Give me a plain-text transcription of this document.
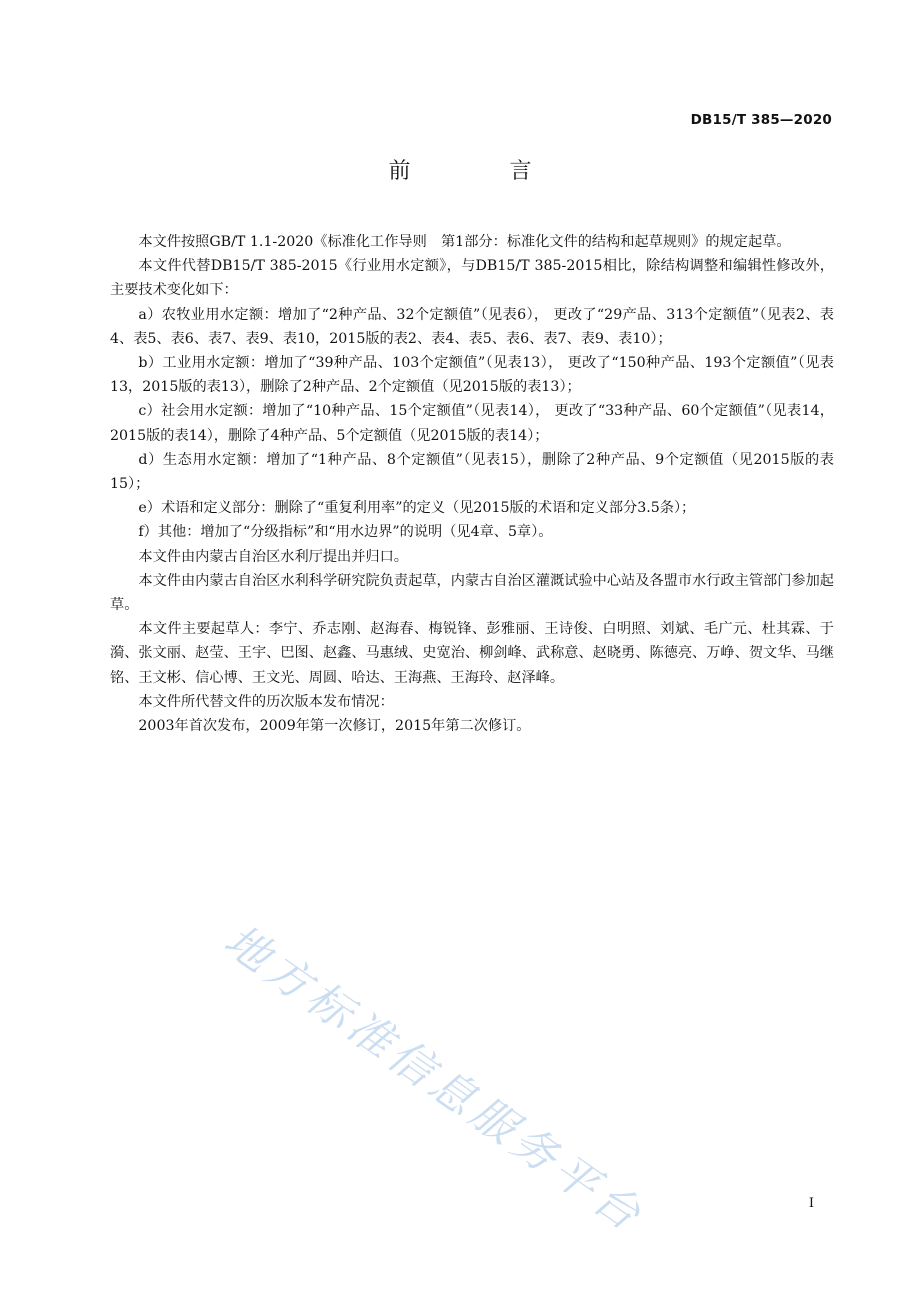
DB15/T 385—2020
前 言

本文件按照GB/T 1.1-2020《标准化工作导则　第1部分：标准化文件的结构和起草规则》的规定起草。

本文件代替DB15/T 385-2015《行业用水定额》，与DB15/T 385-2015相比，除结构调整和编辑性修改外，主要技术变化如下：

a）农牧业用水定额：增加了“2种产品、32个定额值”（见表6）， 更改了“29产品、313个定额值”（见表2、表4、表5、表6、表7、表9、表10，2015版的表2、表4、表5、表6、表7、表9、表10）；

b）工业用水定额：增加了“39种产品、103个定额值”（见表13）， 更改了“150种产品、193个定额值”（见表13，2015版的表13），删除了2种产品、2个定额值（见2015版的表13）；

c）社会用水定额：增加了“10种产品、15个定额值”（见表14）， 更改了“33种产品、60个定额值”（见表14，2015版的表14），删除了4种产品、5个定额值（见2015版的表14）；

d）生态用水定额：增加了“1种产品、8个定额值”（见表15），删除了2种产品、9个定额值（见2015版的表15）；

e）术语和定义部分：删除了“重复利用率”的定义（见2015版的术语和定义部分3.5条）；

f）其他：增加了“分级指标”和“用水边界”的说明（见4章、5章）。

本文件由内蒙古自治区水利厅提出并归口。

本文件由内蒙古自治区水利科学研究院负责起草，内蒙古自治区灌溉试验中心站及各盟市水行政主管部门参加起草。

本文件主要起草人：李宁、乔志刚、赵海春、梅锐锋、彭雅丽、王诗俊、白明照、刘斌、毛广元、杜其霖、于漪、张文丽、赵莹、王宇、巴图、赵鑫、马惠绒、史宽治、柳剑峰、武称意、赵晓勇、陈德亮、万峥、贺文华、马继铭、王文彬、信心博、王文光、周圆、哈达、王海燕、王海玲、赵泽峰。

本文件所代替文件的历次版本发布情况：

2003年首次发布，2009年第一次修订，2015年第二次修订。

地方标准信息服务平台	I
